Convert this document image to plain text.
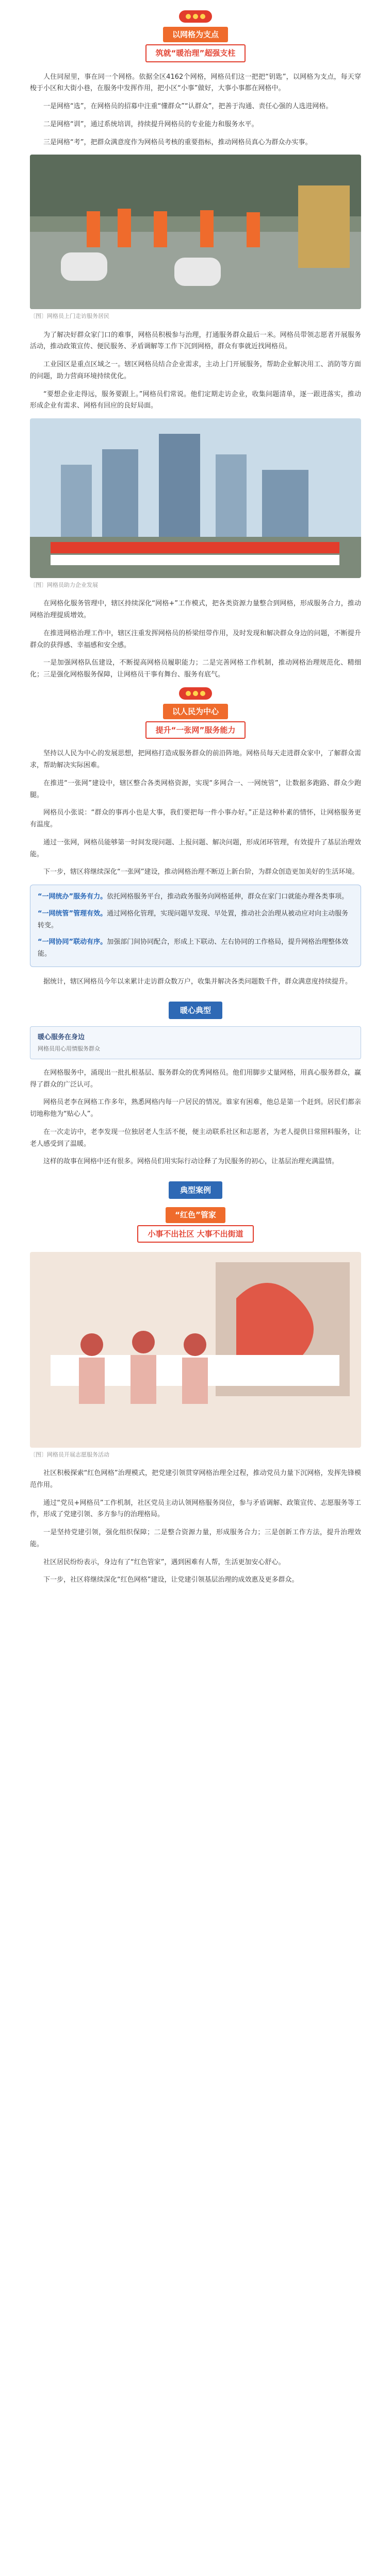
以网格为支点
筑就“暖治理”超强支柱

人住同屋里，事在同一个网格。依据全区4162个网格，网格员们这一把把“钥匙”，以网格为支点，每天穿梭于小区和大街小巷，在服务中发挥作用，把小区“小事”做好，大事小事都在网格中。

一是网格“选”，在网格员的招募中注重“懂群众”“认群众”，把善于沟通、责任心强的人选进网格。

二是网格“训”，通过系统培训，持续提升网格员的专业能力和服务水平。

三是网格“考”，把群众满意度作为网格员考核的重要指标，推动网格员真心为群众办实事。

〔图〕网格员上门走访服务居民

为了解决好群众家门口的难事，网格员积极参与治理，打通服务群众最后一米。网格员带领志愿者开展服务活动，推动政策宣传、便民服务、矛盾调解等工作下沉到网格，群众有事就近找网格员。

工业园区是重点区域之一。辖区网格员结合企业需求，主动上门开展服务，帮助企业解决用工、消防等方面的问题，助力营商环境持续优化。

“要想企业走得远，服务要跟上。”网格员们常说。他们定期走访企业，收集问题清单，逐一跟进落实，推动形成企业有需求、网格有回应的良好局面。

〔图〕网格员助力企业发展

在网格化服务管理中，辖区持续深化“网格+”工作模式，把各类资源力量整合到网格，形成服务合力，推动网格治理提质增效。

在推进网格治理工作中，辖区注重发挥网格员的桥梁纽带作用，及时发现和解决群众身边的问题，不断提升群众的获得感、幸福感和安全感。

一是加强网格队伍建设，不断提高网格员履职能力；二是完善网格工作机制，推动网格治理规范化、精细化；三是强化网格服务保障，让网格员干事有舞台、服务有底气。

以人民为中心
提升“一张网”服务能力

坚持以人民为中心的发展思想，把网格打造成服务群众的前沿阵地。网格员每天走进群众家中，了解群众需求，帮助解决实际困难。

在推进“一张网”建设中，辖区整合各类网格资源，实现“多网合一、一网统管”，让数据多跑路、群众少跑腿。

网格员小张说：“群众的事再小也是大事，我们要把每一件小事办好。”正是这种朴素的情怀，让网格服务更有温度。

通过一张网，网格员能够第一时间发现问题、上报问题、解决问题，形成闭环管理，有效提升了基层治理效能。

下一步，辖区将继续深化“一张网”建设，推动网格治理不断迈上新台阶，为群众创造更加美好的生活环境。

“一网统办”服务有力。依托网格服务平台，推动政务服务向网格延伸，群众在家门口就能办理各类事项。

“一网统管”管理有效。通过网格化管理，实现问题早发现、早处置，推动社会治理从被动应对向主动服务转变。

“一网协同”联动有序。加强部门间协同配合，形成上下联动、左右协同的工作格局，提升网格治理整体效能。

据统计，辖区网格员今年以来累计走访群众数万户，收集并解决各类问题数千件，群众满意度持续提升。

暖心典型
暖心服务在身边
网格员用心用情服务群众

在网格服务中，涌现出一批扎根基层、服务群众的优秀网格员。他们用脚步丈量网格，用真心服务群众，赢得了群众的广泛认可。

网格员老李在网格工作多年，熟悉网格内每一户居民的情况。谁家有困难，他总是第一个赶到。居民们都亲切地称他为“贴心人”。

在一次走访中，老李发现一位独居老人生活不便，便主动联系社区和志愿者，为老人提供日常照料服务，让老人感受到了温暖。

这样的故事在网格中还有很多。网格员们用实际行动诠释了为民服务的初心，让基层治理充满温情。

典型案例
“红色”管家
小事不出社区 大事不出街道

〔图〕网格员开展志愿服务活动

社区积极探索“红色网格”治理模式，把党建引领贯穿网格治理全过程，推动党员力量下沉网格，发挥先锋模范作用。

通过“党员+网格员”工作机制，社区党员主动认领网格服务岗位，参与矛盾调解、政策宣传、志愿服务等工作，形成了党建引领、多方参与的治理格局。

一是坚持党建引领，强化组织保障；二是整合资源力量，形成服务合力；三是创新工作方法，提升治理效能。

社区居民纷纷表示，身边有了“红色管家”，遇到困难有人帮，生活更加安心舒心。

下一步，社区将继续深化“红色网格”建设，让党建引领基层治理的成效惠及更多群众。
